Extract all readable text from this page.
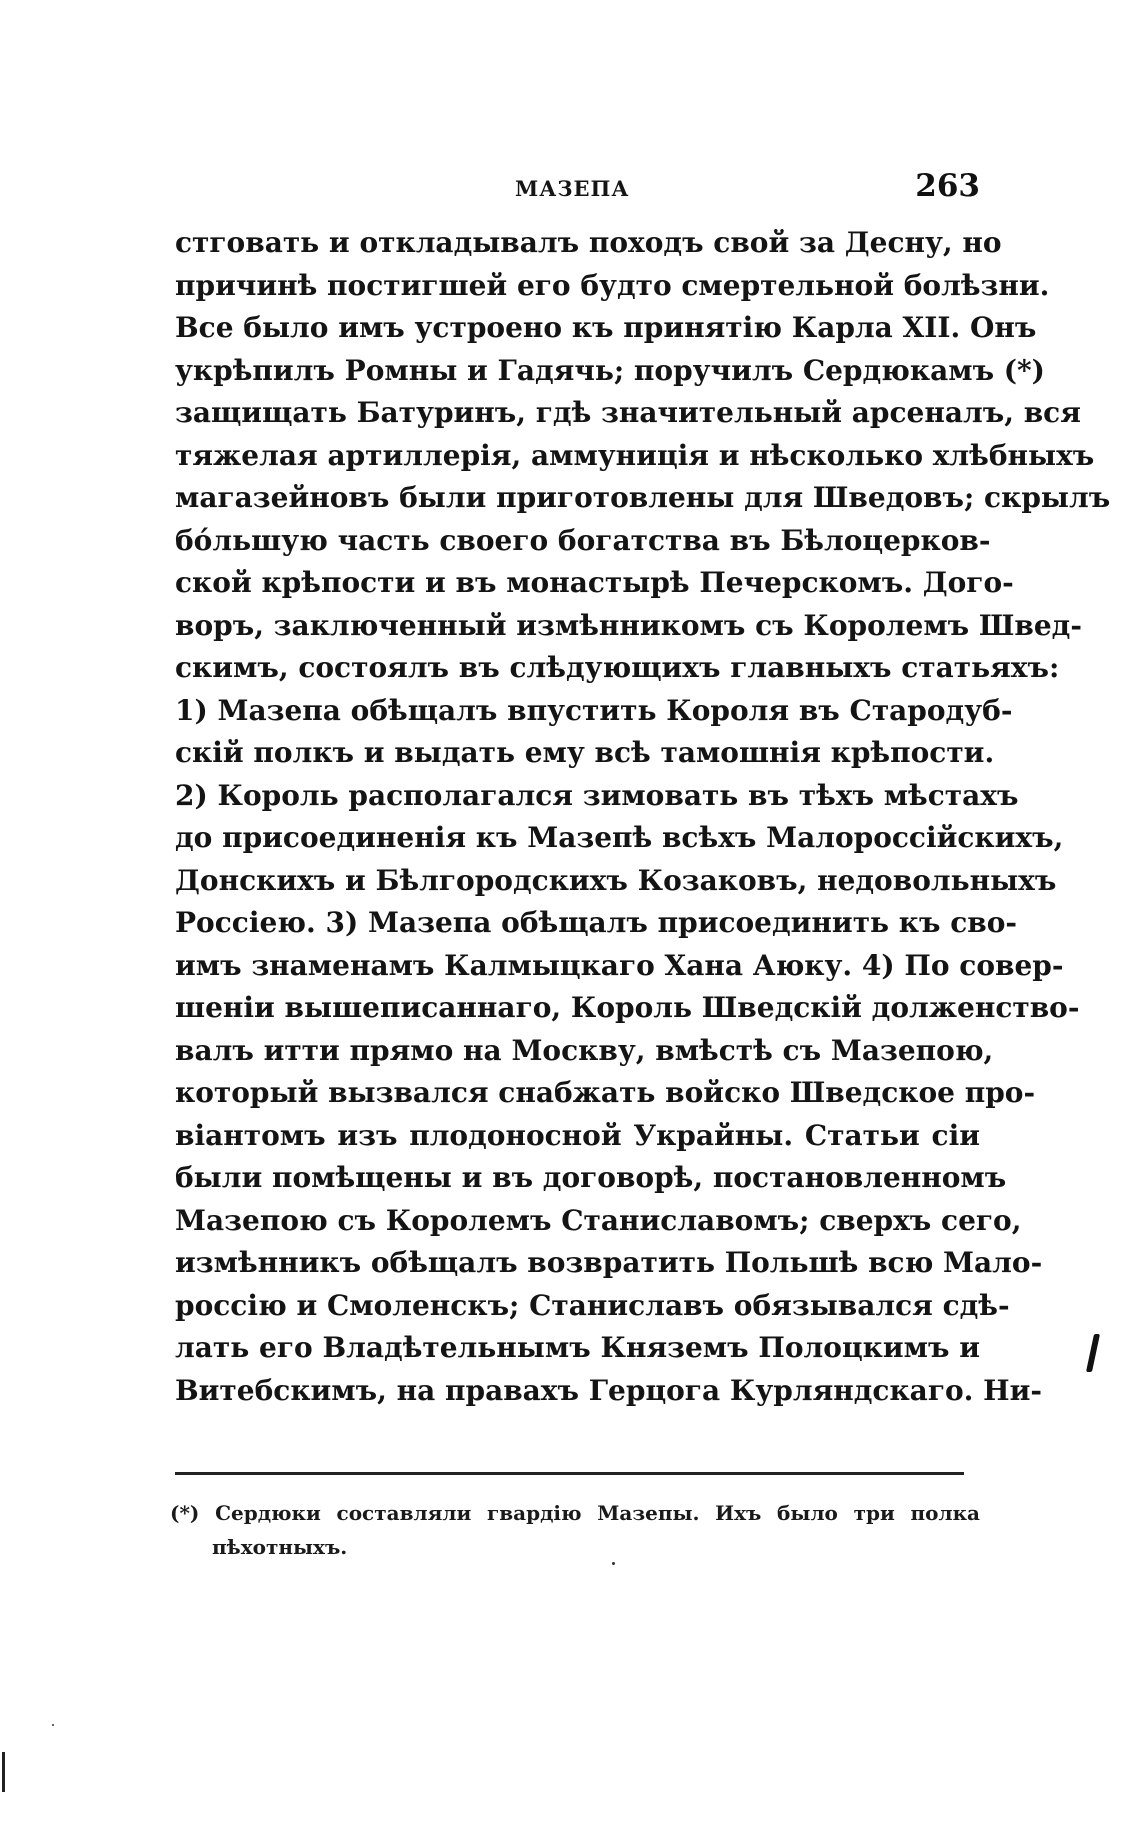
МАЗЕПА	263
стговать и откладывалъ походъ свой за Десну, но
причинѣ постигшей его будто смертельной болѣзни.
Все было имъ устроено къ принятію Карла XII. Онъ
укрѣпилъ Ромны и Гадячь; поручилъ Сердюкамъ (*)
защищать Батуринъ, гдѣ значительный арсеналъ, вся
тяжелая артиллерія, аммуниція и нѣсколько хлѣбныхъ
магазейновъ были приготовлены для Шведовъ; скрылъ
бóльшую часть своего богатства въ Бѣлоцерков-
ской крѣпости и въ монастырѣ Печерскомъ. Дого-
воръ, заключенный измѣнникомъ съ Королемъ Швед-
скимъ, состоялъ въ слѣдующихъ главныхъ статьяхъ:
1) Мазепа обѣщалъ впустить Короля въ Стародуб-
скій полкъ и выдать ему всѣ тамошнія крѣпости.
2) Король располагался зимовать въ тѣхъ мѣстахъ
до присоединенія къ Мазепѣ всѣхъ Малороссійскихъ,
Донскихъ и Бѣлгородскихъ Козаковъ, недовольныхъ
Россіею. 3) Мазепа обѣщалъ присоединить къ сво-
имъ знаменамъ Калмыцкаго Хана Аюку. 4) По совер-
шеніи вышеписаннаго, Король Шведскій долженство-
валъ итти прямо на Москву, вмѣстѣ съ Мазепою,
который вызвался снабжать войско Шведское про-
віантомъ изъ плодоносной Украйны. Статьи сіи
были помѣщены и въ договорѣ, постановленномъ
Мазепою съ Королемъ Станиславомъ; сверхъ сего,
измѣнникъ обѣщалъ возвратить Польшѣ всю Мало-
россію и Смоленскъ; Станиславъ обязывался сдѣ-
лать его Владѣтельнымъ Княземъ Полоцкимъ и
Витебскимъ, на правахъ Герцога Курляндскаго. Ни-
(*) Сердюки составляли гвардію Мазепы. Ихъ было три полка
пѣхотныхъ.
